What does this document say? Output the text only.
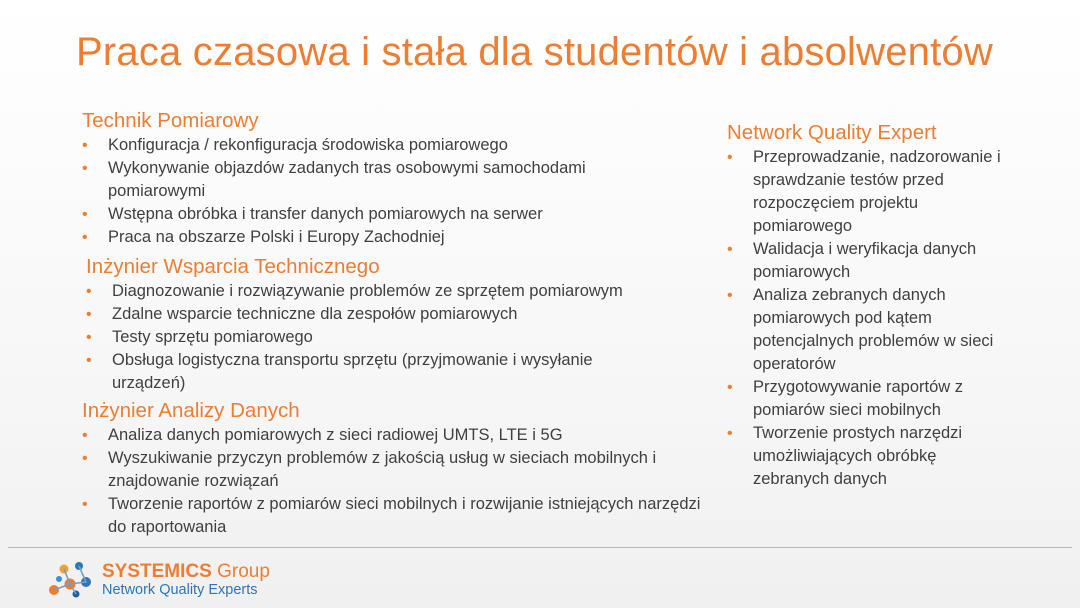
Praca czasowa i stała dla studentów i absolwentów
Technik Pomiarowy
• Konfiguracja / rekonfiguracja środowiska pomiarowego
• Wykonywanie objazdów zadanych tras osobowymi samochodami pomiarowymi
• Wstępna obróbka i transfer danych pomiarowych na serwer
• Praca na obszarze Polski i Europy Zachodniej
Inżynier Wsparcia Technicznego
• Diagnozowanie i rozwiązywanie problemów ze sprzętem pomiarowym
• Zdalne wsparcie techniczne dla zespołów pomiarowych
• Testy sprzętu pomiarowego
• Obsługa logistyczna transportu sprzętu (przyjmowanie i wysyłanie urządzeń)
Inżynier Analizy Danych
• Analiza danych pomiarowych z sieci radiowej UMTS, LTE i 5G
• Wyszukiwanie przyczyn problemów z jakością usług w sieciach mobilnych i znajdowanie rozwiązań
• Tworzenie raportów z pomiarów sieci mobilnych i rozwijanie istniejących narzędzi do raportowania
Network Quality Expert
• Przeprowadzanie, nadzorowanie i sprawdzanie testów przed rozpoczęciem projektu pomiarowego
• Walidacja i weryfikacja danych pomiarowych
• Analiza zebranych danych pomiarowych pod kątem potencjalnych problemów w sieci operatorów
• Przygotowywanie raportów z pomiarów sieci mobilnych
• Tworzenie prostych narzędzi umożliwiających obróbkę zebranych danych
SYSTEMICS Group
Network Quality Experts
